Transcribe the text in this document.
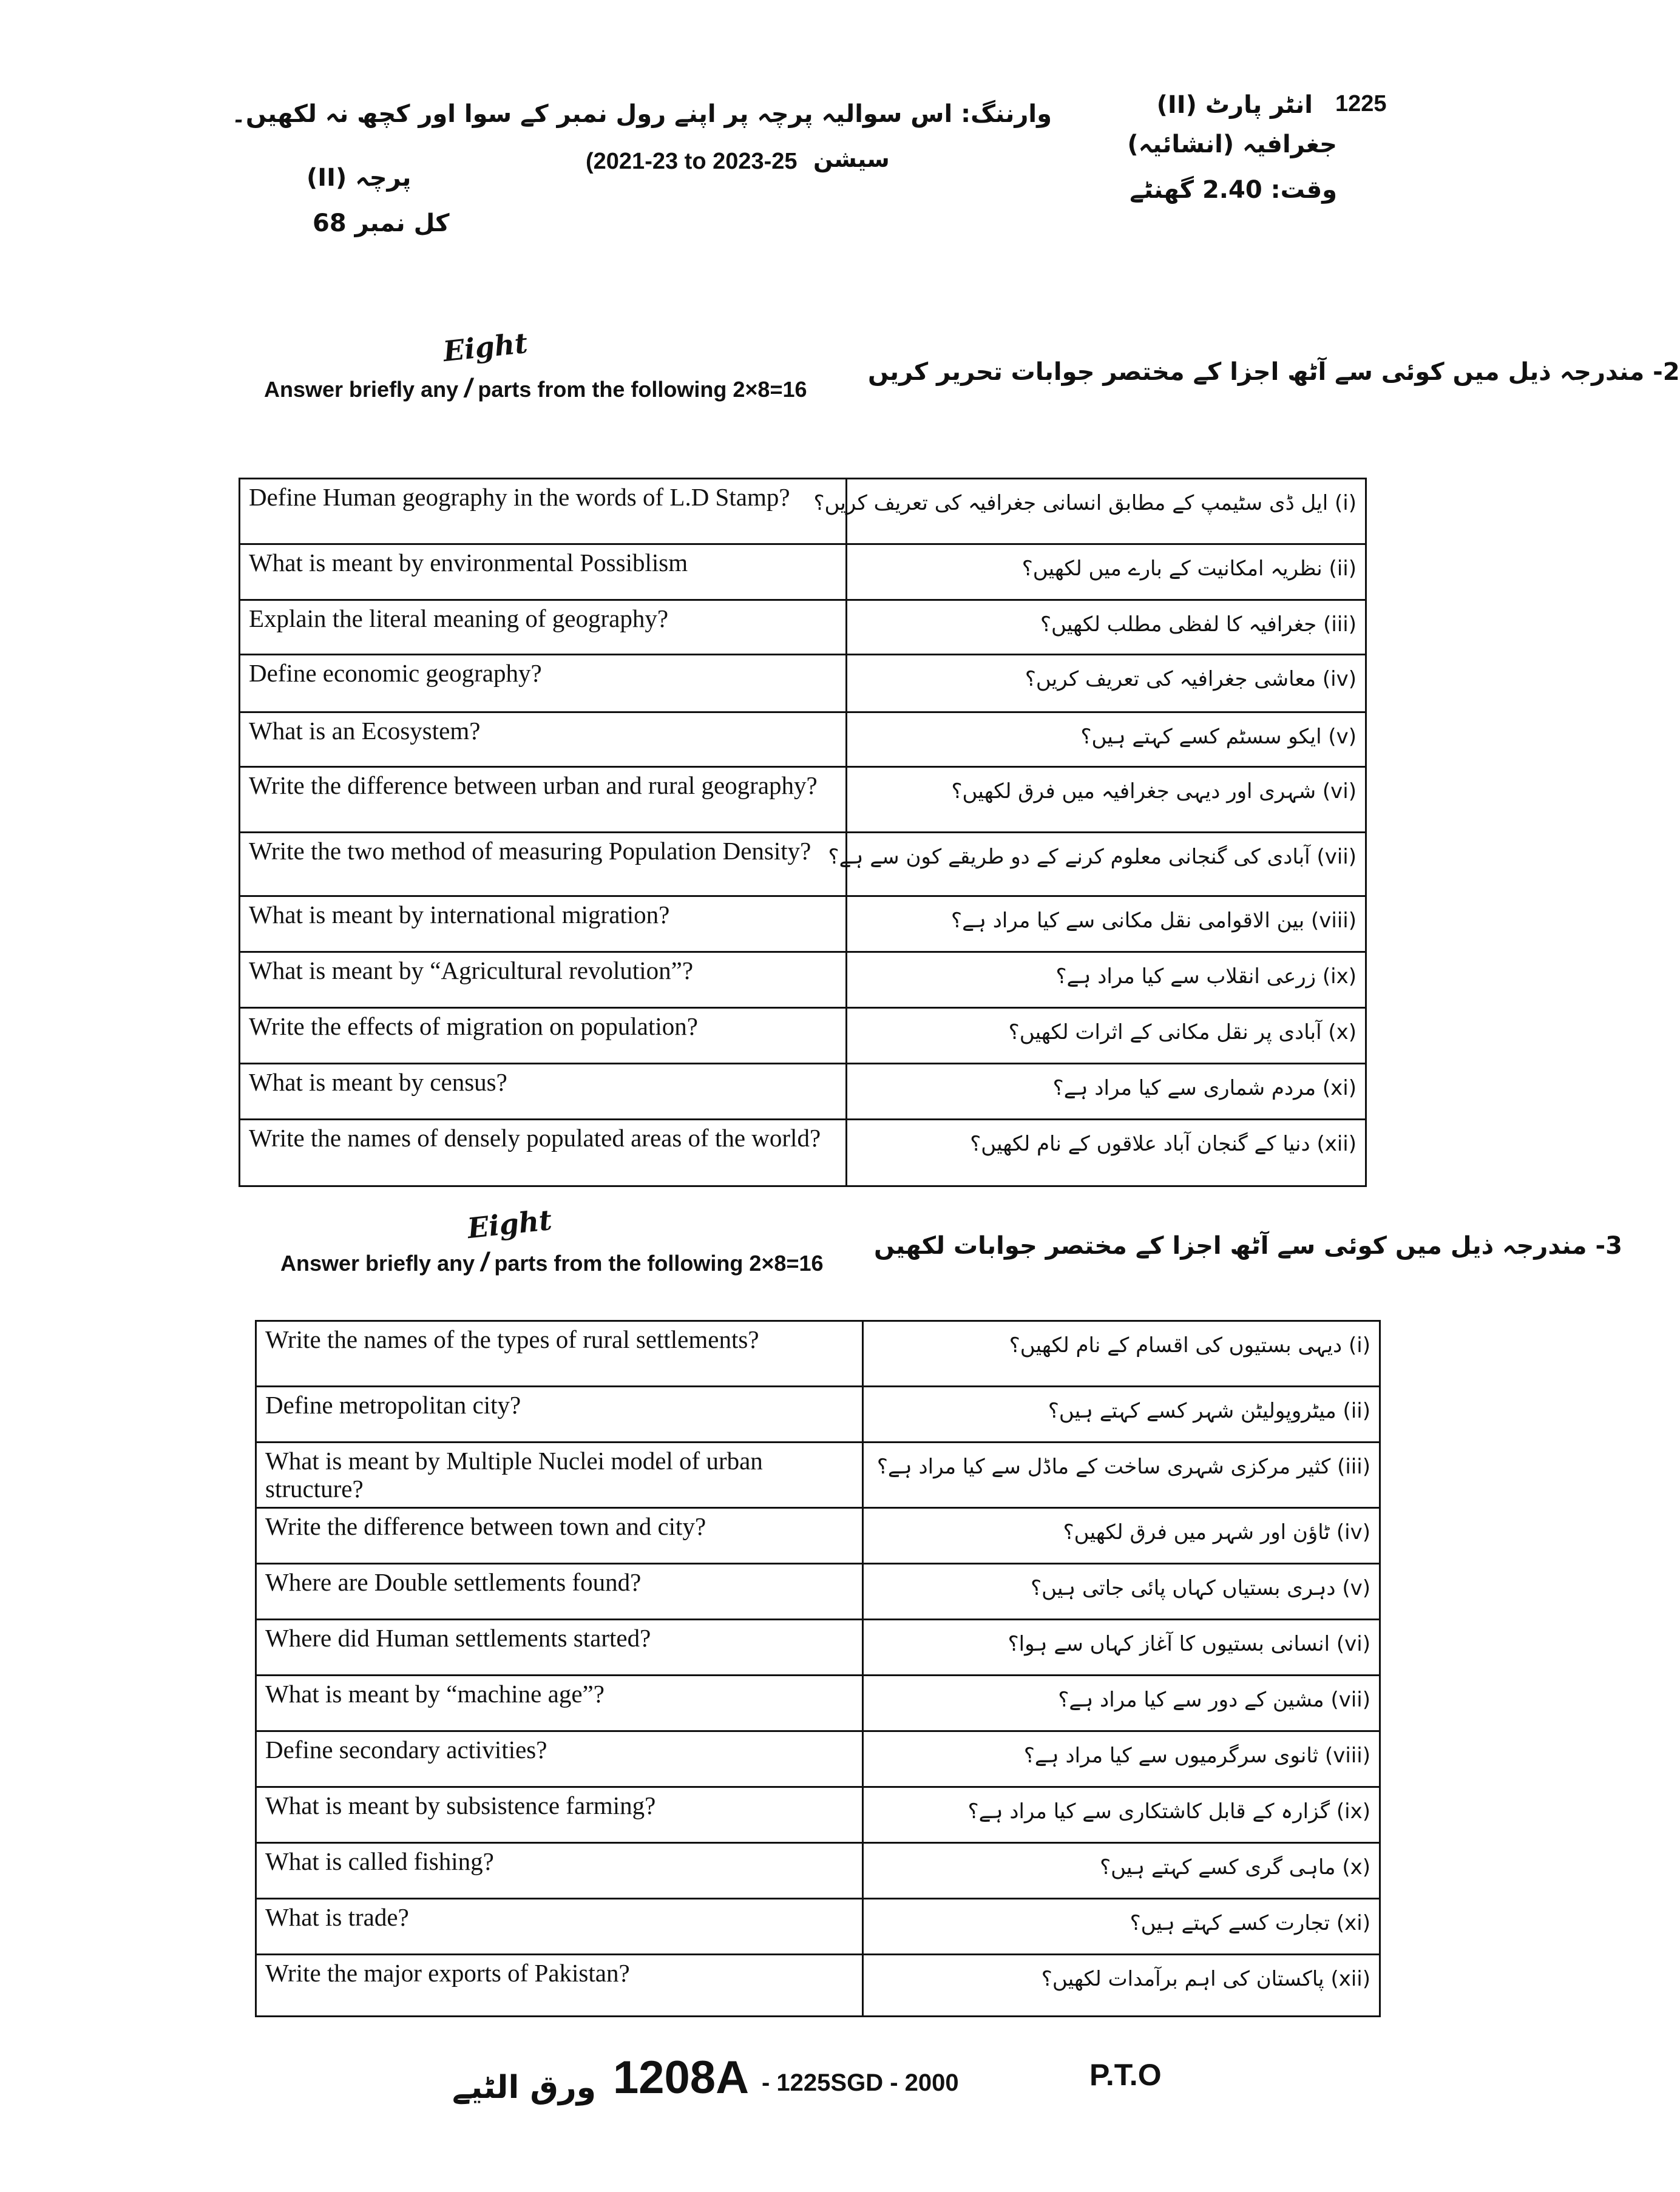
1225
انٹر پارٹ (II)
جغرافیہ (انشائیہ)
وقت: 2.40 گھنٹے
وارننگ: اس سوالیہ پرچہ پر اپنے رول نمبر کے سوا اور کچھ نہ لکھیں۔
سیشن
(2021-23 to 2023-25
پرچہ (II)
کل نمبر 68
Eight
Answer briefly any / parts from the following 2×8=16
2- مندرجہ ذیل میں کوئی سے آٹھ اجزا کے مختصر جوابات تحریر کریں
Define Human geography in the words of L.D Stamp?	(i) ایل ڈی سٹیمپ کے مطابق انسانی جغرافیہ کی تعریف کریں؟
What is meant by environmental Possiblism	(ii) نظریہ امکانیت کے بارے میں لکھیں؟
Explain the literal meaning of geography?	(iii) جغرافیہ کا لفظی مطلب لکھیں؟
Define economic geography?	(iv) معاشی جغرافیہ کی تعریف کریں؟
What is an Ecosystem?	(v) ایکو سسٹم کسے کہتے ہیں؟
Write the difference between urban and rural geography?	(vi) شہری اور دیہی جغرافیہ میں فرق لکھیں؟
Write the two method of measuring Population Density?	(vii) آبادی کی گنجانی معلوم کرنے کے دو طریقے کون سے ہے؟
What is meant by international migration?	(viii) بین الاقوامی نقل مکانی سے کیا مراد ہے؟
What is meant by “Agricultural revolution”?	(ix) زرعی انقلاب سے کیا مراد ہے؟
Write the effects of migration on population?	(x) آبادی پر نقل مکانی کے اثرات لکھیں؟
What is meant by census?	(xi) مردم شماری سے کیا مراد ہے؟
Write the names of densely populated areas of the world?	(xii) دنیا کے گنجان آباد علاقوں کے نام لکھیں؟
Eight
Answer briefly any / parts from the following 2×8=16
3- مندرجہ ذیل میں کوئی سے آٹھ اجزا کے مختصر جوابات لکھیں
Write the names of the types of rural settlements?	(i) دیہی بستیوں کی اقسام کے نام لکھیں؟
Define metropolitan city?	(ii) میٹروپولیٹن شہر کسے کہتے ہیں؟
What is meant by Multiple Nuclei model of urban structure?	(iii) کثیر مرکزی شہری ساخت کے ماڈل سے کیا مراد ہے؟
Write the difference between town and city?	(iv) ٹاؤن اور شہر میں فرق لکھیں؟
Where are Double settlements found?	(v) دہری بستیاں کہاں پائی جاتی ہیں؟
Where did Human settlements started?	(vi) انسانی بستیوں کا آغاز کہاں سے ہوا؟
What is meant by “machine age”?	(vii) مشین کے دور سے کیا مراد ہے؟
Define secondary activities?	(viii) ثانوی سرگرمیوں سے کیا مراد ہے؟
What is meant by subsistence farming?	(ix) گزارہ کے قابل کاشتکاری سے کیا مراد ہے؟
What is called fishing?	(x) ماہی گری کسے کہتے ہیں؟
What is trade?	(xi) تجارت کسے کہتے ہیں؟
Write the major exports of Pakistan?	(xii) پاکستان کی اہم برآمدات لکھیں؟
ورق الٹیے 1208A - 1225SGD - 2000	P.T.O
